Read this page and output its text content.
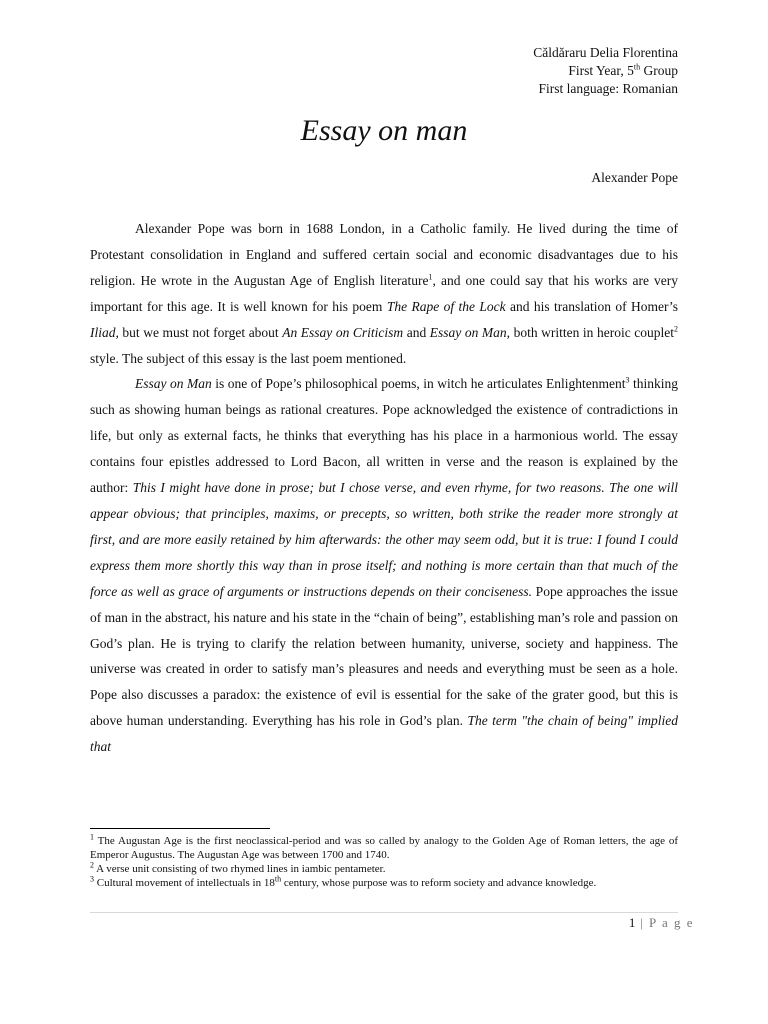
Căldăraru Delia Florentina
First Year, 5th Group
First language: Romanian
Essay on man
Alexander Pope

Alexander Pope was born in 1688 London, in a Catholic family. He lived during the time of Protestant consolidation in England and suffered certain social and economic disadvantages due to his religion. He wrote in the Augustan Age of English literature$^1$, and one could say that his works are very important for this age. It is well known for his poem The Rape of the Lock and his translation of Homer’s Iliad, but we must not forget about An Essay on Criticism and Essay on Man, both written in heroic couplet$^2$ style. The subject of this essay is the last poem mentioned.

Essay on Man is one of Pope’s philosophical poems, in witch he articulates Enlightenment$^3$ thinking such as showing human beings as rational creatures. Pope acknowledged the existence of contradictions in life, but only as external facts, he thinks that everything has his place in a harmonious world. The essay contains four epistles addressed to Lord Bacon, all written in verse and the reason is explained by the author: This I might have done in prose; but I chose verse, and even rhyme, for two reasons. The one will appear obvious; that principles, maxims, or precepts, so written, both strike the reader more strongly at first, and are more easily retained by him afterwards: the other may seem odd, but it is true: I found I could express them more shortly this way than in prose itself; and nothing is more certain than that much of the force as well as grace of arguments or instructions depends on their conciseness. Pope approaches the issue of man in the abstract, his nature and his state in the “chain of being”, establishing man’s role and passion on God’s plan. He is trying to clarify the relation between humanity, universe, society and happiness. The universe was created in order to satisfy man’s pleasures and needs and everything must be seen as a hole. Pope also discusses a paradox: the existence of evil is essential for the sake of the grater good, but this is above human understanding. Everything has his role in God’s plan. The term "the chain of being" implied that

$^1$ The Augustan Age is the first neoclassical-period and was so called by analogy to the Golden Age of Roman letters, the age of Emperor Augustus. The Augustan Age was between 1700 and 1740.
$^2$ A verse unit consisting of two rhymed lines in iambic pentameter.
$^3$ Cultural movement of intellectuals in 18th century, whose purpose was to reform society and advance knowledge.
1 | P a g e
